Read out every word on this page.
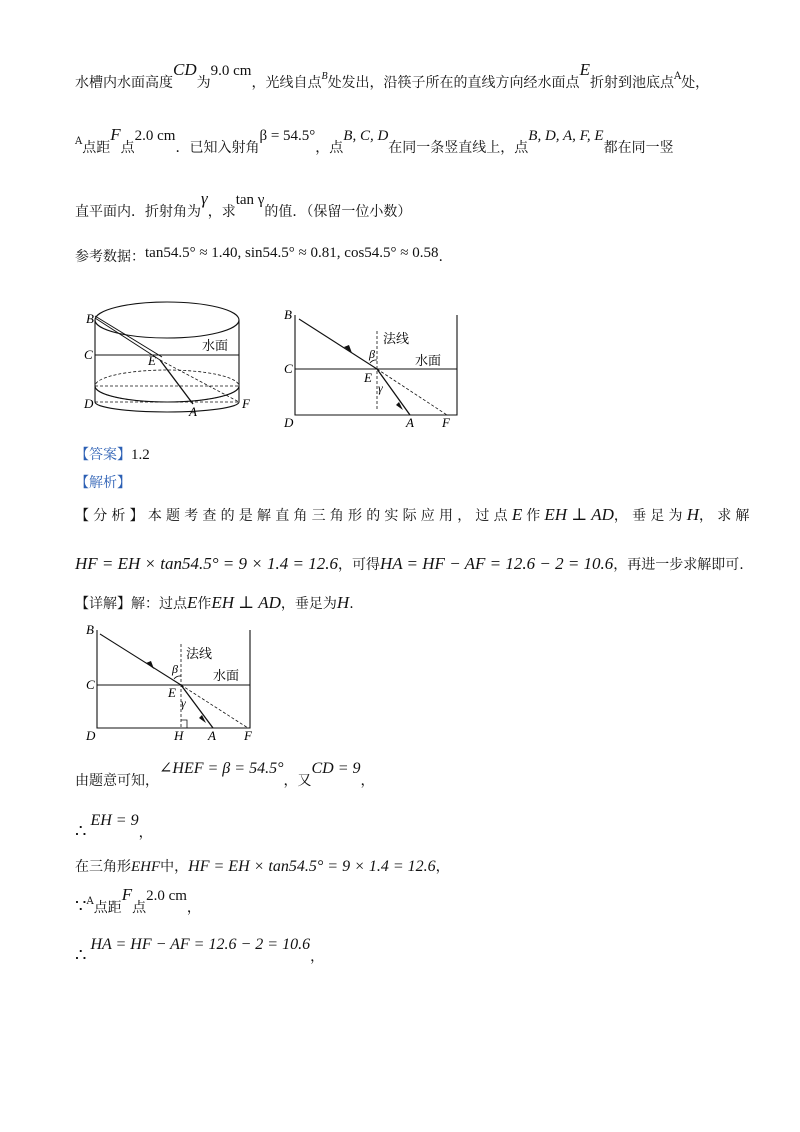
水槽内水面高度CD为9.0 cm，光线自点$^B$处发出，沿筷子所在的直线方向经水面点E折射到池底点$^A$处，
$^A$点距F点2.0 cm．已知入射角β = 54.5°，点B, C, D在同一条竖直线上，点B, D, A, F, E都在同一竖
直平面内．折射角为γ，求tan γ的值．（保留一位小数）
参考数据：tan54.5° ≈ 1.40, sin54.5° ≈ 0.81, cos54.5° ≈ 0.58.
B
C	E
D
A
F
水面
B
C
E
D	A F
β
γ
法线
水面
【答案】1.2
【解析】
【分析】本题考查的是解直角三角形的实际应用，过点E 作EH ⊥ AD，垂足为H，求解
HF = EH × tan54.5° = 9 × 1.4 = 12.6，可得HA = HF − AF = 12.6 − 2 = 10.6，再进一步求解即可.
【详解】解：过点E作EH ⊥ AD，垂足为H.
B
C
E
D	H A F
β
γ
法线
水面
由题意可知，∠HEF = β = 54.5°，又CD = 9，
∴EH = 9，
在三角形EHF中，HF = EH × tan54.5° = 9 × 1.4 = 12.6，
∵$^A$点距F点2.0 cm，
∴HA = HF − AF = 12.6 − 2 = 10.6，
